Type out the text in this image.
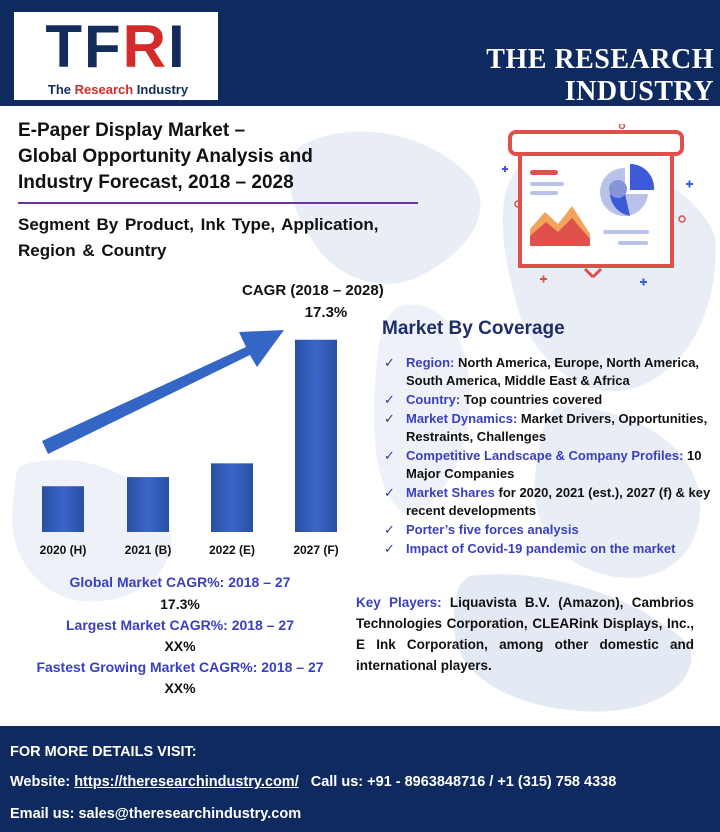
TFRI
The Research Industry
THE RESEARCH INDUSTRY
E-Paper Display Market –
Global Opportunity Analysis and
Industry Forecast, 2018 – 2028
Segment By Product, Ink Type, Application,
Region & Country
CAGR (2018 – 2028)
17.3%
2020 (H)	2021 (B)	2022 (E)	2027 (F)
Global Market CAGR%: 2018 – 27
17.3%
Largest Market CAGR%: 2018 – 27
XX%
Fastest Growing Market CAGR%: 2018 – 27
XX%
Market By Coverage
✓ Region: North America, Europe, North America, South America, Middle East & Africa
✓ Country: Top countries covered
✓ Market Dynamics: Market Drivers, Opportunities, Restraints, Challenges
✓ Competitive Landscape & Company Profiles: 10 Major Companies
✓ Market Shares for 2020, 2021 (est.), 2027 (f) & key recent developments
✓ Porter’s five forces analysis
✓ Impact of Covid-19 pandemic on the market
Key Players: Liquavista B.V. (Amazon), Cambrios Technologies Corporation, CLEARink Displays, Inc., E Ink Corporation, among other domestic and international players.
FOR MORE DETAILS VISIT:
Website: https://theresearchindustry.com/ Call us: +91 - 8963848716 / +1 (315) 758 4338
Email us: sales@theresearchindustry.com
